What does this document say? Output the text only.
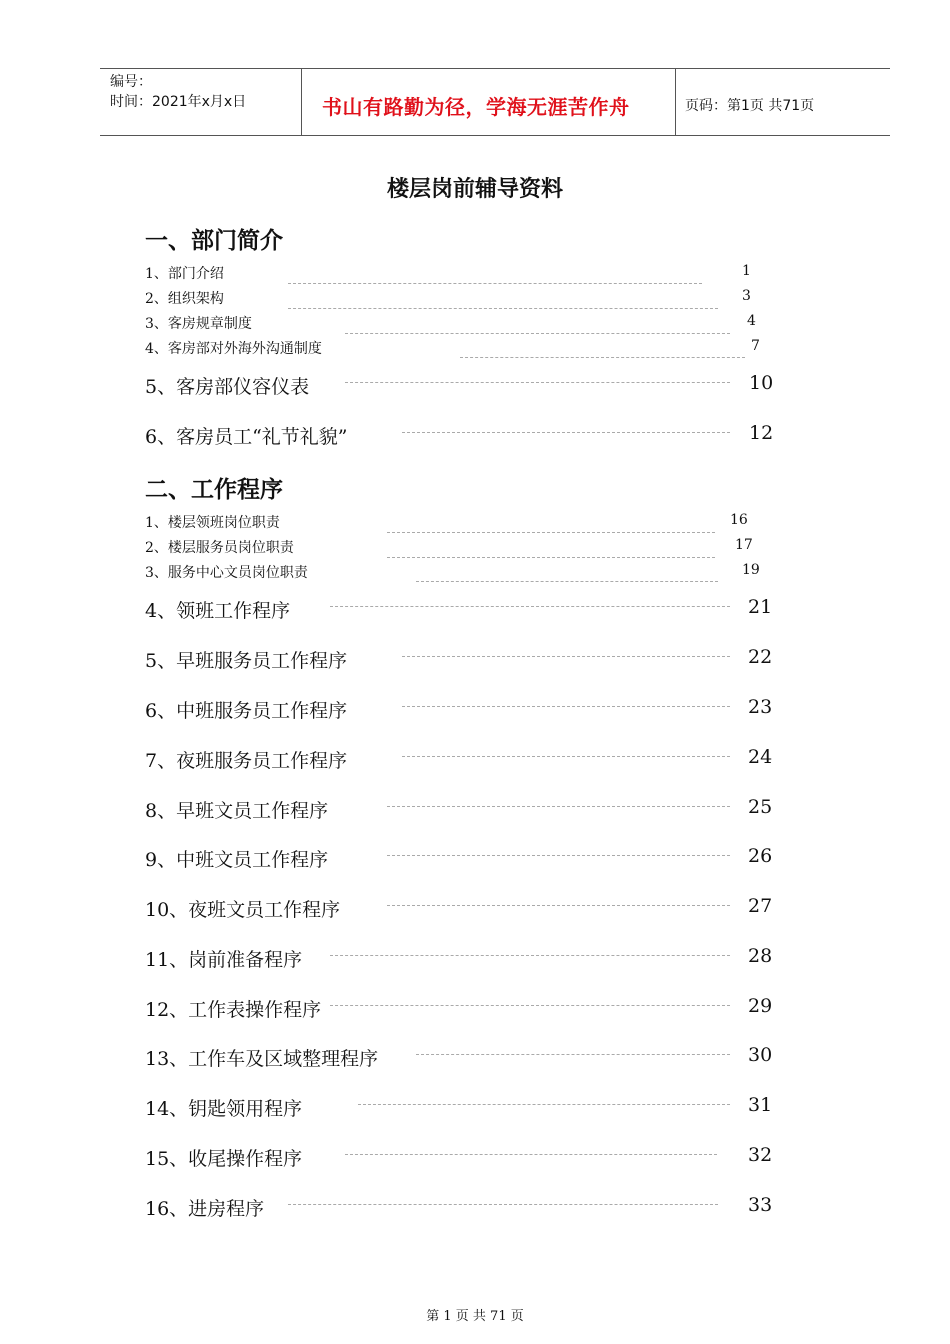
编号：
时间：2021年x月x日	书山有路勤为径，学海无涯苦作舟	页码：第1页 共71页
楼层岗前辅导资料
一、部门简介
二、工作程序
1、部门介绍
2、组织架构
3、客房规章制度
4、客房部对外海外沟通制度
5、客房部仪容仪表
6、客房员工“礼节礼貌”
1、楼层领班岗位职责
2、楼层服务员岗位职责
3、服务中心文员岗位职责
4、领班工作程序
5、早班服务员工作程序
6、中班服务员工作程序
7、夜班服务员工作程序
8、早班文员工作程序
9、中班文员工作程序
10、夜班文员工作程序
11、岗前准备程序
12、工作表操作程序
13、工作车及区域整理程序
14、钥匙领用程序
15、收尾操作程序
16、进房程序
1
3
4
7
10
12
16
17
19
21
22
23
24
25
26
27
28
29
30
31
32
33
第 1 页 共 71 页
